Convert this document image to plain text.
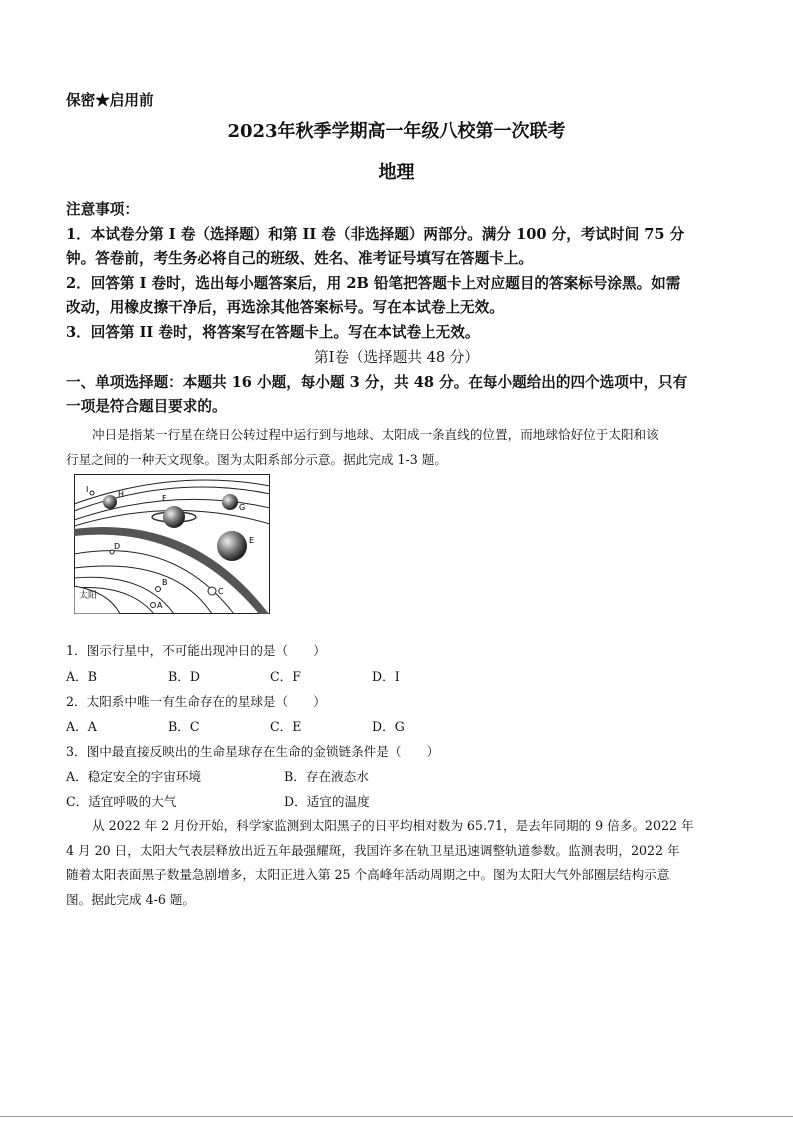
保密★启用前
2023年秋季学期高一年级八校第一次联考
地理
注意事项：
1．本试卷分第 I 卷（选择题）和第 II 卷（非选择题）两部分。满分 100 分，考试时间 75 分
钟。答卷前，考生务必将自己的班级、姓名、准考证号填写在答题卡上。
2．回答第 I 卷时，选出每小题答案后，用 2B 铅笔把答题卡上对应题目的答案标号涂黑。如需
改动，用橡皮擦干净后，再选涂其他答案标号。写在本试卷上无效。
3．回答第 II 卷时，将答案写在答题卡上。写在本试卷上无效。
第Ⅰ卷（选择题共 48 分）
一、单项选择题：本题共 16 小题，每小题 3 分，共 48 分。在每小题给出的四个选项中，只有
一项是符合题目要求的。
冲日是指某一行星在绕日公转过程中运行到与地球、太阳成一条直线的位置，而地球恰好位于太阳和该
行星之间的一种天文现象。图为太阳系部分示意。据此完成 1-3 题。
太阳
I
H	F
G
E
D
C
B
A
1．图示行星中，不可能出现冲日的是（　　）
A．B	B．D	C．F	D．I
2．太阳系中唯一有生命存在的星球是（　　）
A．A	B．C	C．E	D．G
3．图中最直接反映出的生命星球存在生命的金锁链条件是（　　）
A．稳定安全的宇宙环境	B．存在液态水
C．适宜呼吸的大气	D．适宜的温度
从 2022 年 2 月份开始，科学家监测到太阳黑子的日平均相对数为 65.71，是去年同期的 9 倍多。2022 年
4 月 20 日，太阳大气表层释放出近五年最强耀斑，我国许多在轨卫星迅速调整轨道参数。监测表明，2022 年
随着太阳表面黑子数量急剧增多，太阳正进入第 25 个高峰年活动周期之中。图为太阳大气外部圈层结构示意
图。据此完成 4-6 题。
